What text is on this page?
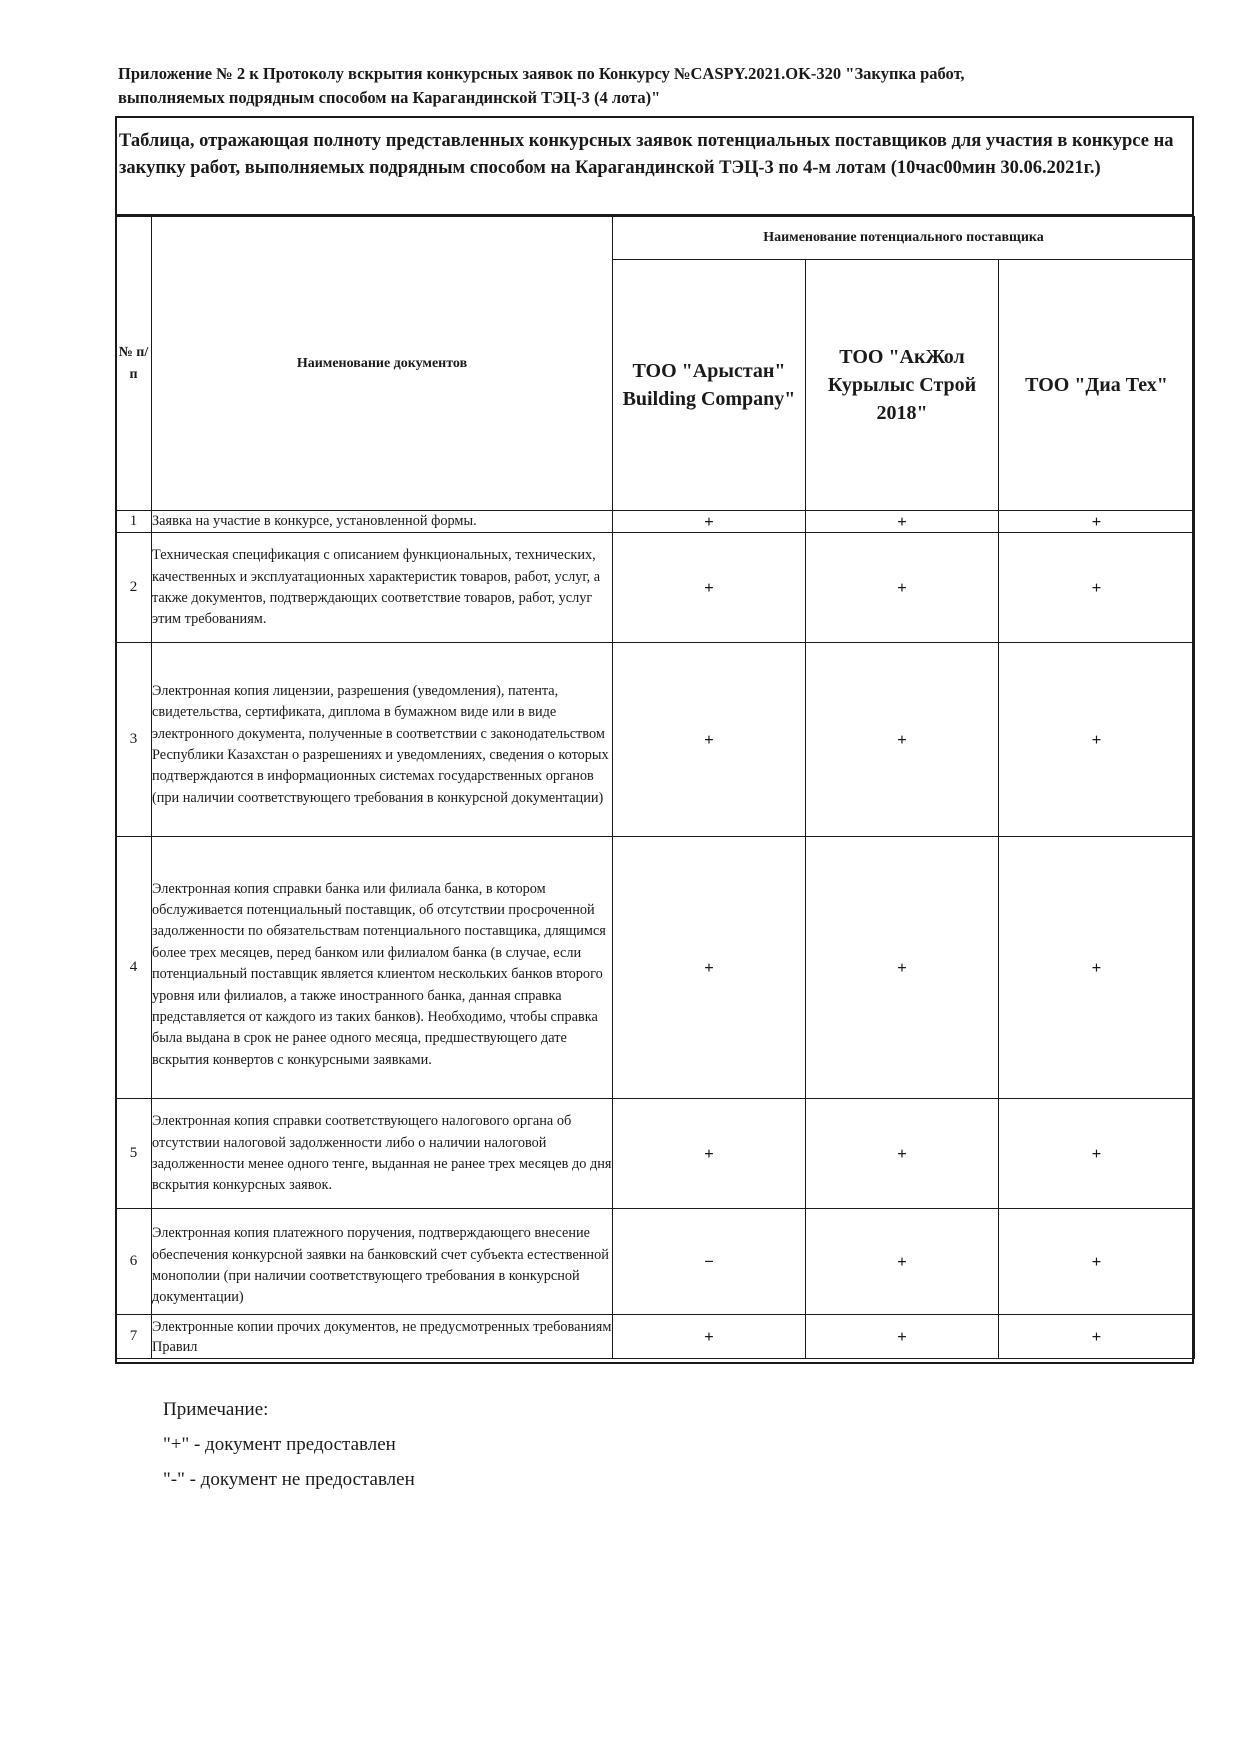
Приложение № 2 к Протоколу вскрытия конкурсных заявок по Конкурсу №CASPY.2021.OK-320 "Закупка работ,
выполняемых подрядным способом на Карагандинской ТЭЦ-3 (4 лота)"
Таблица, отражающая полноту представленных конкурсных заявок потенциальных поставщиков для участия в конкурсе на закупку работ, выполняемых подрядным способом на Карагандинской ТЭЦ-3 по 4-м лотам (10час00мин 30.06.2021г.)
№ п/п	Наименование документов	Наименование потенциального поставщика		
		ТОО "Арыстан" Building Company"	ТОО "АкЖол Курылыс Строй 2018"	ТОО "Диа Тех"
1	Заявка на участие в конкурсе, установленной формы.	+	+	+
2	Техническая спецификация с описанием функциональных, технических, качественных и эксплуатационных характеристик товаров, работ, услуг, а также документов, подтверждающих соответствие товаров, работ, услуг этим требованиям.	+	+	+
3	Электронная копия лицензии, разрешения (уведомления), патента, свидетельства, сертификата, диплома в бумажном виде или в виде электронного документа, полученные в соответствии с законодательством Республики Казахстан о разрешениях и уведомлениях, сведения о которых подтверждаются в информационных системах государственных органов (при наличии соответствующего требования в конкурсной документации)	+	+	+
4	Электронная копия справки банка или филиала банка, в котором обслуживается потенциальный поставщик, об отсутствии просроченной задолженности по обязательствам потенциального поставщика, длящимся более трех месяцев, перед банком или филиалом банка (в случае, если потенциальный поставщик является клиентом нескольких банков второго уровня или филиалов, а также иностранного банка, данная справка представляется от каждого из таких банков). Необходимо, чтобы справка была выдана в срок не ранее одного месяца, предшествующего дате вскрытия конвертов с конкурсными заявками.	+	+	+
5	Электронная копия справки соответствующего налогового органа об отсутствии налоговой задолженности либо о наличии налоговой задолженности менее одного тенге, выданная не ранее трех месяцев до дня вскрытия конкурсных заявок.	+	+	+
6	Электронная копия платежного поручения, подтверждающего внесение обеспечения конкурсной заявки на банковский счет субъекта естественной монополии (при наличии соответствующего требования в конкурсной документации)	−	+	+
7	Электронные копии прочих документов, не предусмотренных требованиям Правил	+	+	+
Примечание:
"+" - документ предоставлен
"-" - документ не предоставлен
